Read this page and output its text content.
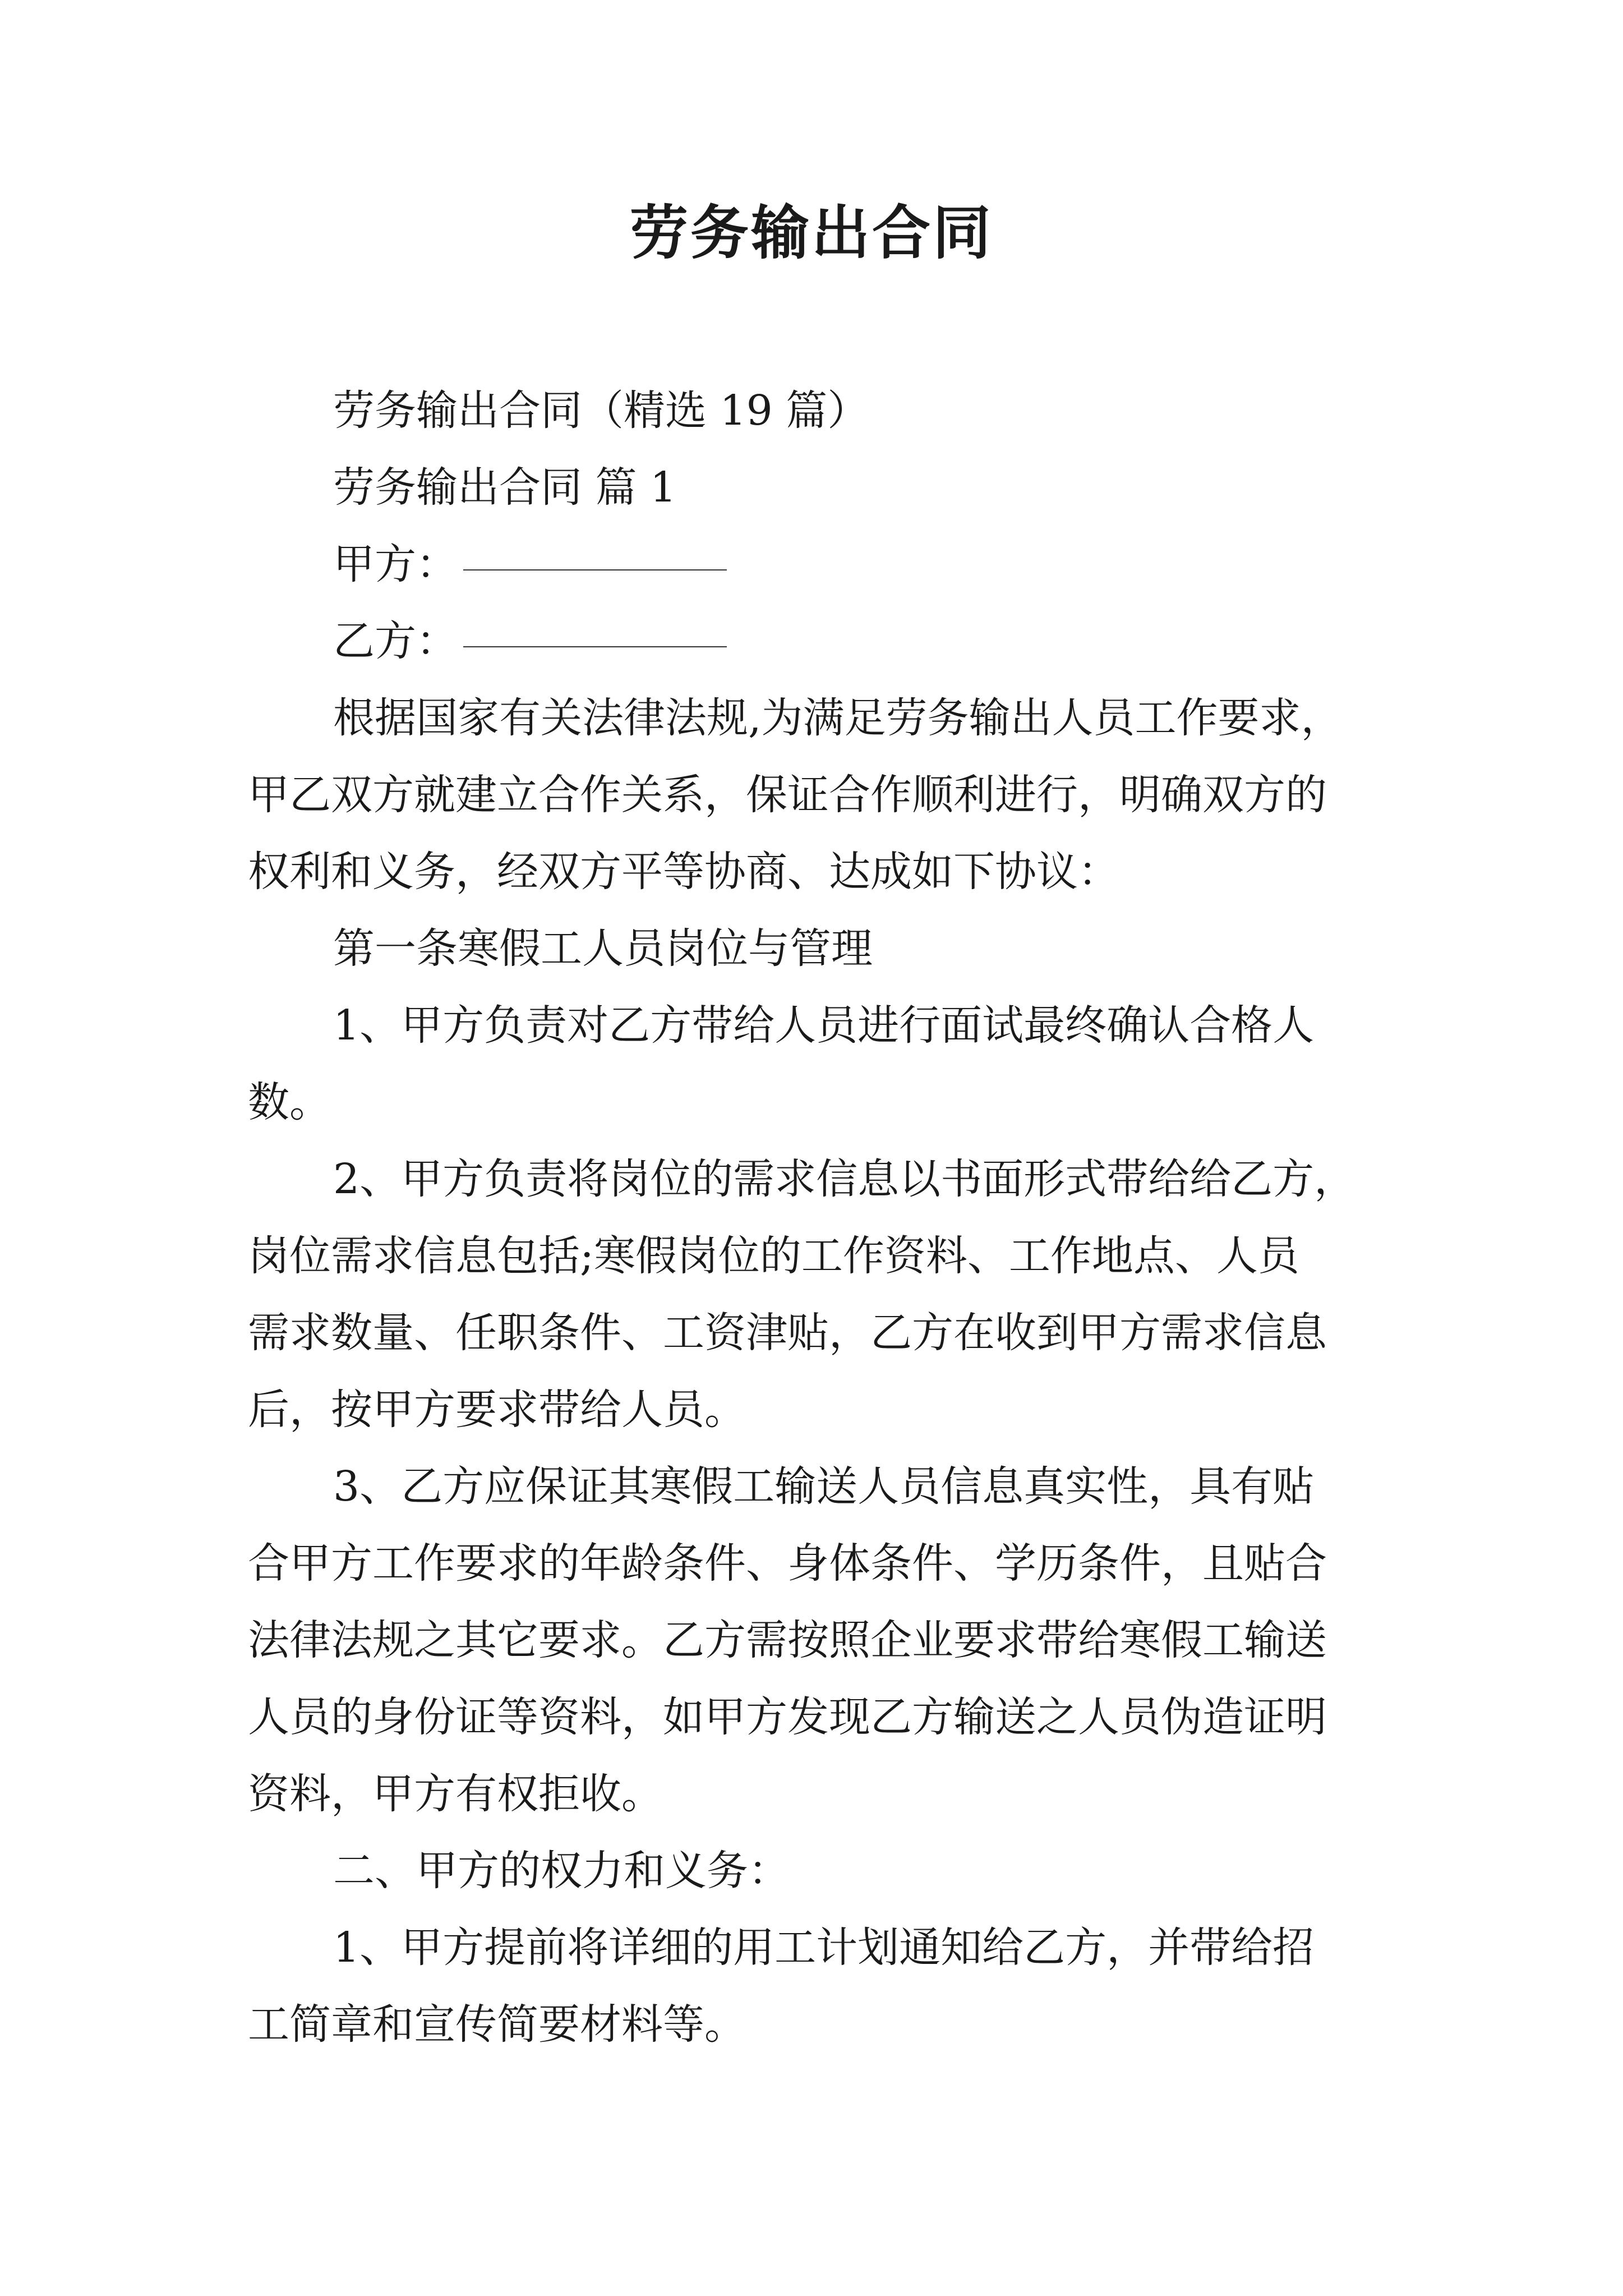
劳务输出合同
劳务输出合同（精选 19 篇）
劳务输出合同 篇 1
甲方：
乙方：
根据国家有关法律法规,为满足劳务输出人员工作要求，
甲乙双方就建立合作关系，保证合作顺利进行，明确双方的
权利和义务，经双方平等协商、达成如下协议：
第一条寒假工人员岗位与管理
1、甲方负责对乙方带给人员进行面试最终确认合格人
数。
2、甲方负责将岗位的需求信息以书面形式带给给乙方，
岗位需求信息包括;寒假岗位的工作资料、工作地点、人员
需求数量、任职条件、工资津贴，乙方在收到甲方需求信息
后，按甲方要求带给人员。
3、乙方应保证其寒假工输送人员信息真实性，具有贴
合甲方工作要求的年龄条件、身体条件、学历条件，且贴合
法律法规之其它要求。乙方需按照企业要求带给寒假工输送
人员的身份证等资料，如甲方发现乙方输送之人员伪造证明
资料，甲方有权拒收。
二、甲方的权力和义务：
1、甲方提前将详细的用工计划通知给乙方，并带给招
工简章和宣传简要材料等。
